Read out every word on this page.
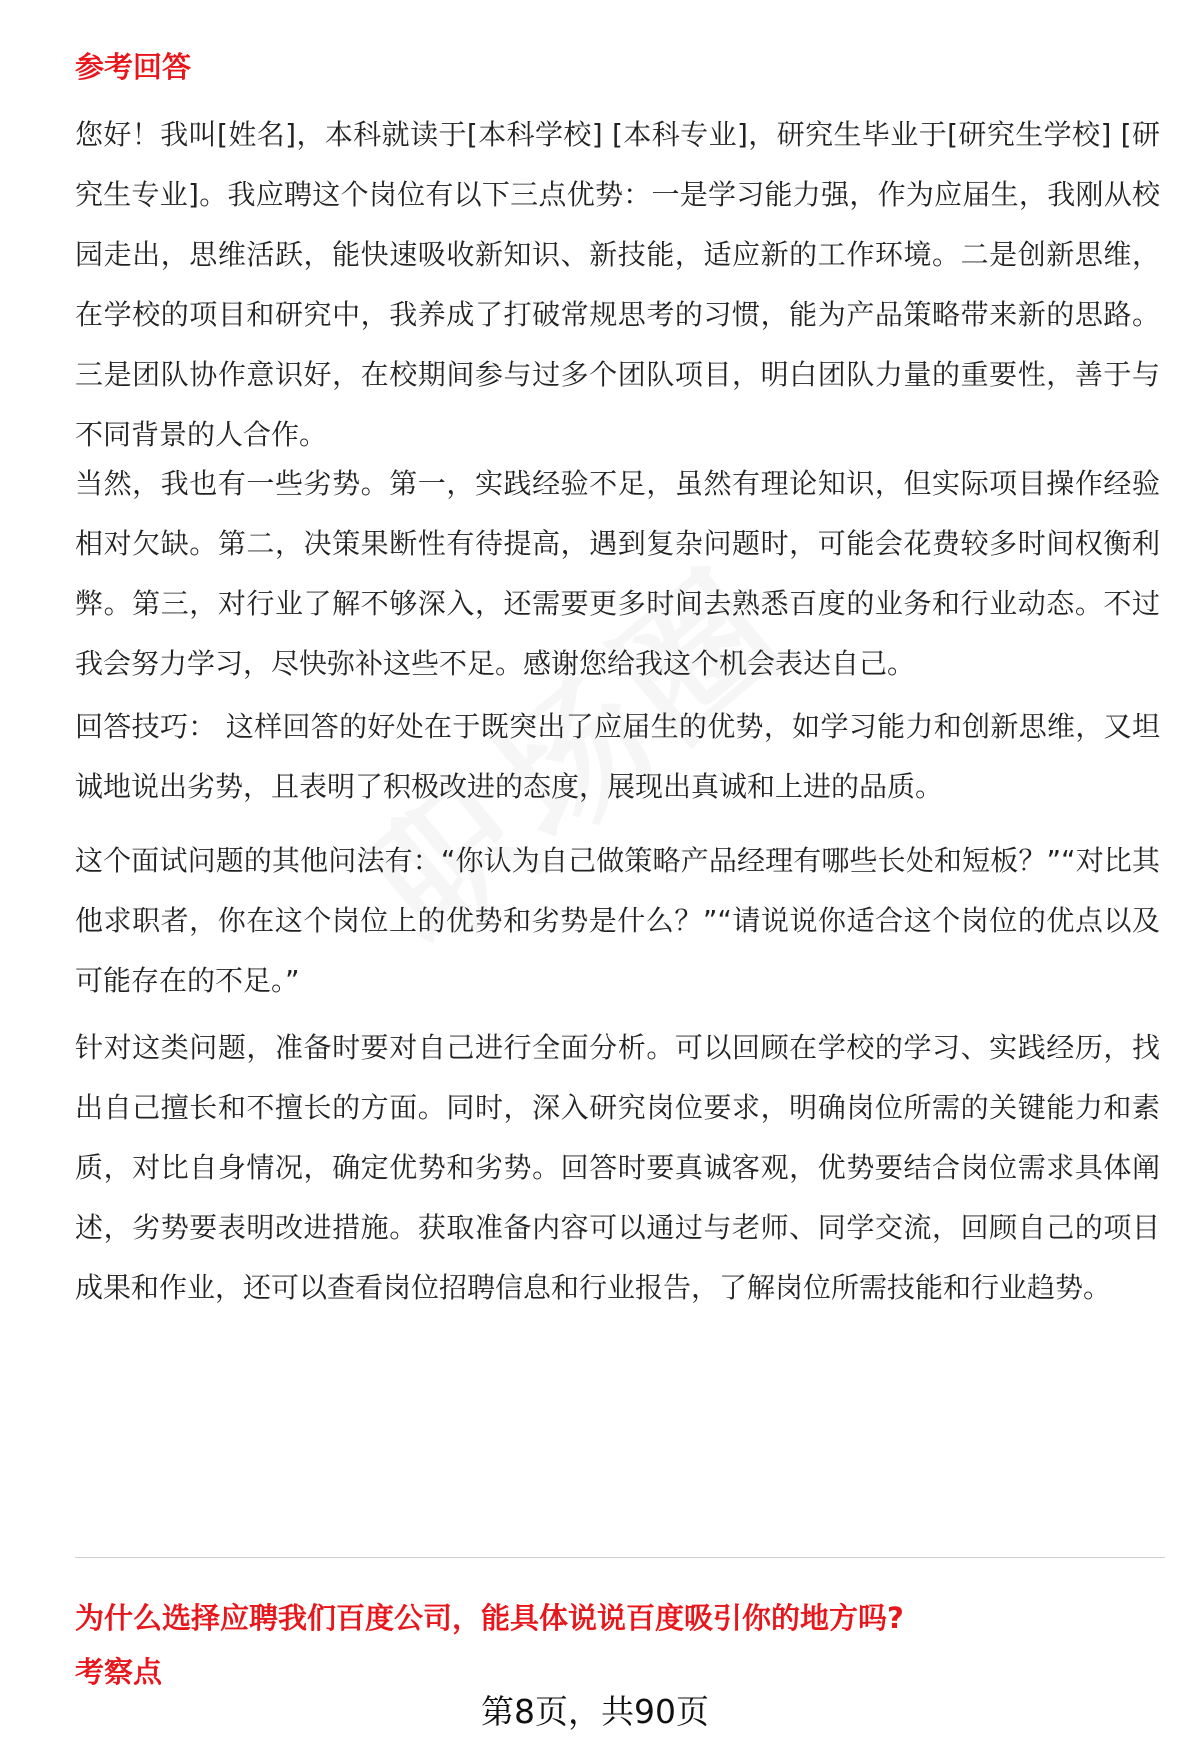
参考回答

您好！我叫[姓名]，本科就读于[本科学校] [本科专业]，研究生毕业于[研究生学校] [研究生专业]。我应聘这个岗位有以下三点优势：一是学习能力强，作为应届生，我刚从校园走出，思维活跃，能快速吸收新知识、新技能，适应新的工作环境。二是创新思维，在学校的项目和研究中，我养成了打破常规思考的习惯，能为产品策略带来新的思路。三是团队协作意识好，在校期间参与过多个团队项目，明白团队力量的重要性，善于与不同背景的人合作。

当然，我也有一些劣势。第一，实践经验不足，虽然有理论知识，但实际项目操作经验相对欠缺。第二，决策果断性有待提高，遇到复杂问题时，可能会花费较多时间权衡利弊。第三，对行业了解不够深入，还需要更多时间去熟悉百度的业务和行业动态。不过我会努力学习，尽快弥补这些不足。感谢您给我这个机会表达自己。

回答技巧： 这样回答的好处在于既突出了应届生的优势，如学习能力和创新思维，又坦诚地说出劣势，且表明了积极改进的态度，展现出真诚和上进的品质。

这个面试问题的其他问法有：“你认为自己做策略产品经理有哪些长处和短板？”“对比其他求职者，你在这个岗位上的优势和劣势是什么？”“请说说你适合这个岗位的优点以及可能存在的不足。”

针对这类问题，准备时要对自己进行全面分析。可以回顾在学校的学习、实践经历，找出自己擅长和不擅长的方面。同时，深入研究岗位要求，明确岗位所需的关键能力和素质，对比自身情况，确定优势和劣势。回答时要真诚客观，优势要结合岗位需求具体阐述，劣势要表明改进措施。获取准备内容可以通过与老师、同学交流，回顾自己的项目成果和作业，还可以查看岗位招聘信息和行业报告，了解岗位所需技能和行业趋势。

为什么选择应聘我们百度公司，能具体说说百度吸引你的地方吗?
考察点
第8页，共90页
